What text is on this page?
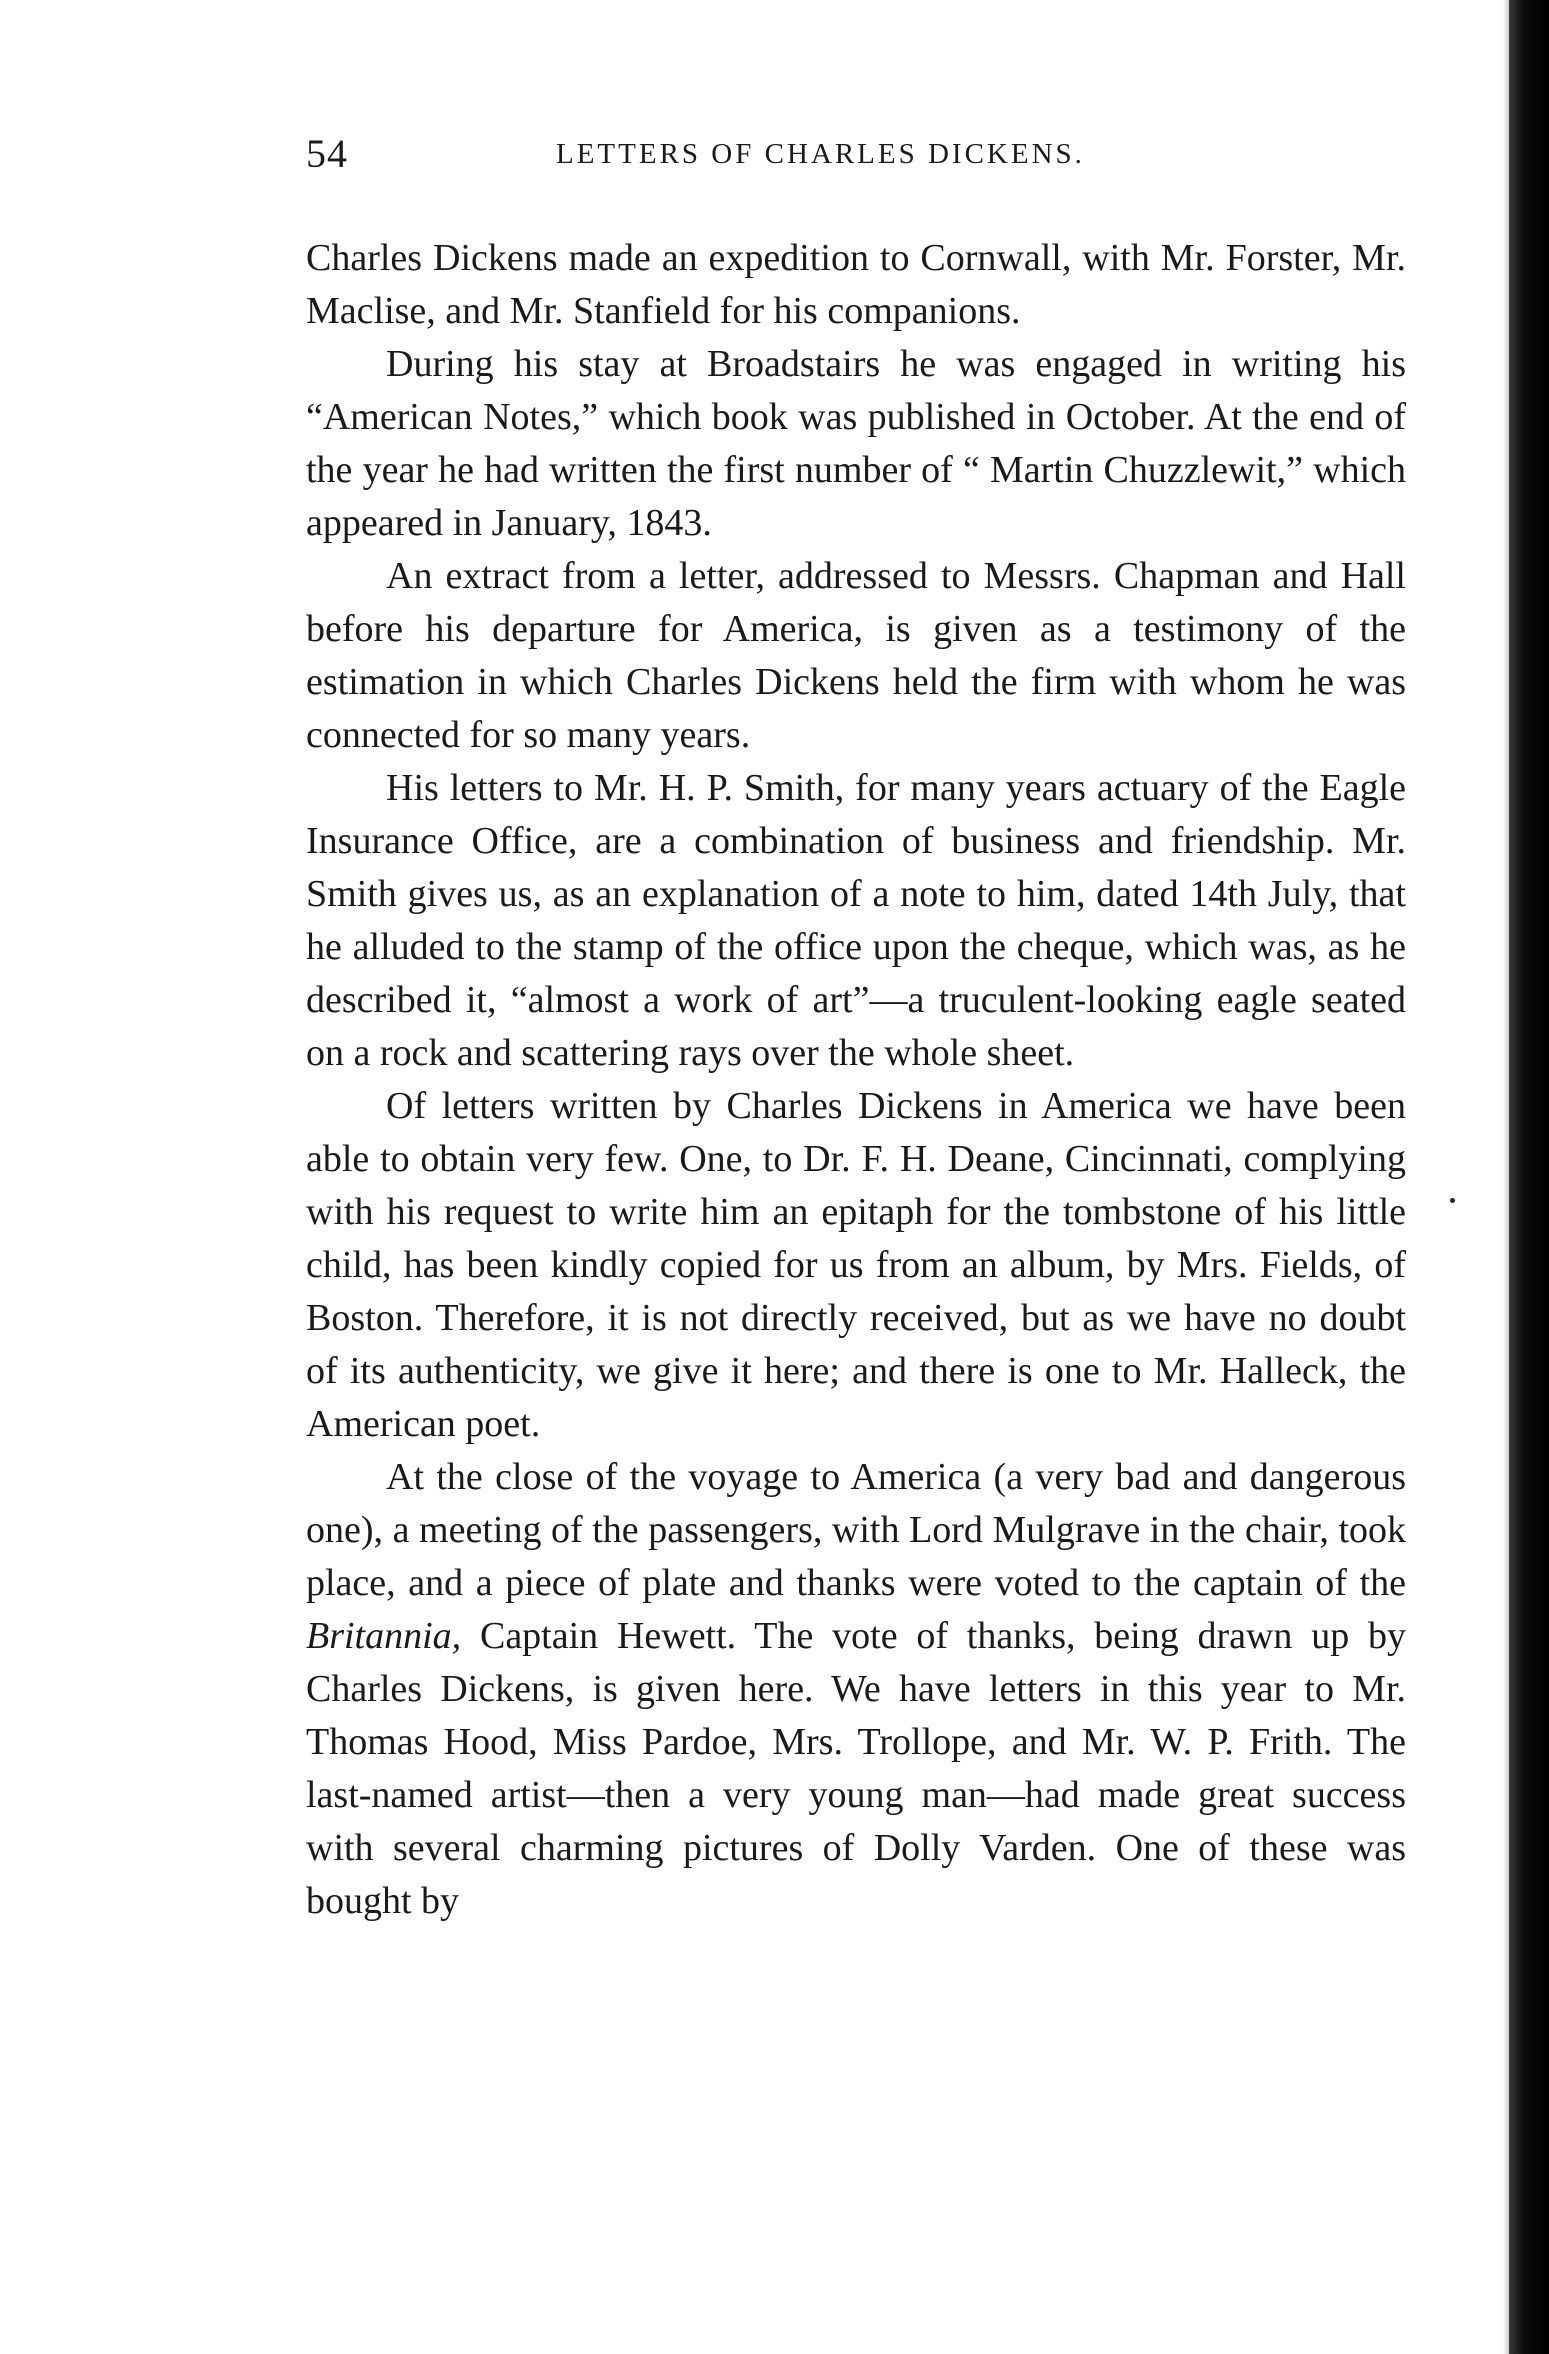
54	LETTERS OF CHARLES DICKENS.

Charles Dickens made an expedition to Cornwall, with Mr. Forster, Mr. Maclise, and Mr. Stanfield for his companions.

During his stay at Broadstairs he was engaged in writing his “American Notes,” which book was published in October. At the end of the year he had written the first number of “ Martin Chuzzlewit,” which appeared in January, 1843.

An extract from a letter, addressed to Messrs. Chapman and Hall before his departure for America, is given as a testimony of the estimation in which Charles Dickens held the firm with whom he was connected for so many years.

His letters to Mr. H. P. Smith, for many years actuary of the Eagle Insurance Office, are a combination of business and friendship. Mr. Smith gives us, as an explanation of a note to him, dated 14th July, that he alluded to the stamp of the office upon the cheque, which was, as he described it, “almost a work of art”—a truculent-looking eagle seated on a rock and scattering rays over the whole sheet.

Of letters written by Charles Dickens in America we have been able to obtain very few. One, to Dr. F. H. Deane, Cincinnati, complying with his request to write him an epitaph for the tombstone of his little child, has been kindly copied for us from an album, by Mrs. Fields, of Boston. Therefore, it is not directly received, but as we have no doubt of its authenticity, we give it here; and there is one to Mr. Halleck, the American poet.

At the close of the voyage to America (a very bad and dangerous one), a meeting of the passengers, with Lord Mulgrave in the chair, took place, and a piece of plate and thanks were voted to the captain of the Britannia, Captain Hewett. The vote of thanks, being drawn up by Charles Dickens, is given here. We have letters in this year to Mr. Thomas Hood, Miss Pardoe, Mrs. Trollope, and Mr. W. P. Frith. The last-named artist—then a very young man—had made great success with several charming pictures of Dolly Varden. One of these was bought by
